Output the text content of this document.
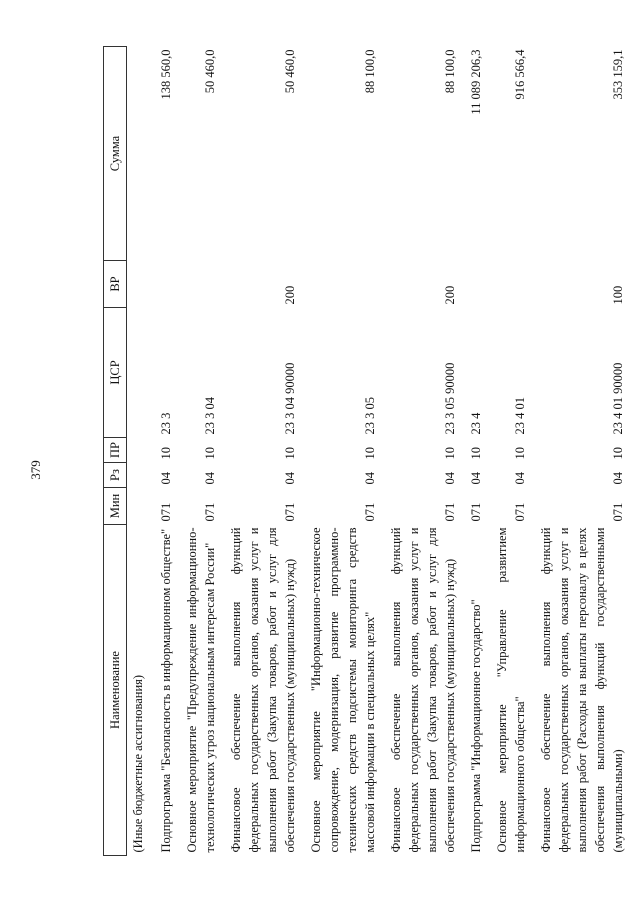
379
Наименование	Мин	Рз	ПР	ЦСР	ВР	Сумма
(Иные бюджетные ассигнования)						
Подпрограмма "Безопасность в информационном обществе"	071	04	10	23 3		138 560,0
Основное мероприятие "Предупреждение информационно-технологических угроз национальным интересам России"	071	04	10	23 3 04		50 460,0
Финансовое обеспечение выполнения функций федеральных государственных органов, оказания услуг и выполнения работ (Закупка товаров, работ и услуг для обеспечения государственных (муниципальных) нужд)	071	04	10	23 3 04 90000	200	50 460,0
Основное мероприятие "Информационно-техническое сопровождение, модернизация, развитие программно-технических средств подсистемы мониторинга средств массовой информации в специальных целях"	071	04	10	23 3 05		88 100,0
Финансовое обеспечение выполнения функций федеральных государственных органов, оказания услуг и выполнения работ (Закупка товаров, работ и услуг для обеспечения государственных (муниципальных) нужд)	071	04	10	23 3 05 90000	200	88 100,0
Подпрограмма "Информационное государство"	071	04	10	23 4		11 089 206,3
Основное мероприятие "Управление развитием информационного общества"	071	04	10	23 4 01		916 566,4
Финансовое обеспечение выполнения функций федеральных государственных органов, оказания услуг и выполнения работ (Расходы на выплаты персоналу в целях обеспечения выполнения функций государственными (муниципальными)	071	04	10	23 4 01 90000	100	353 159,1
